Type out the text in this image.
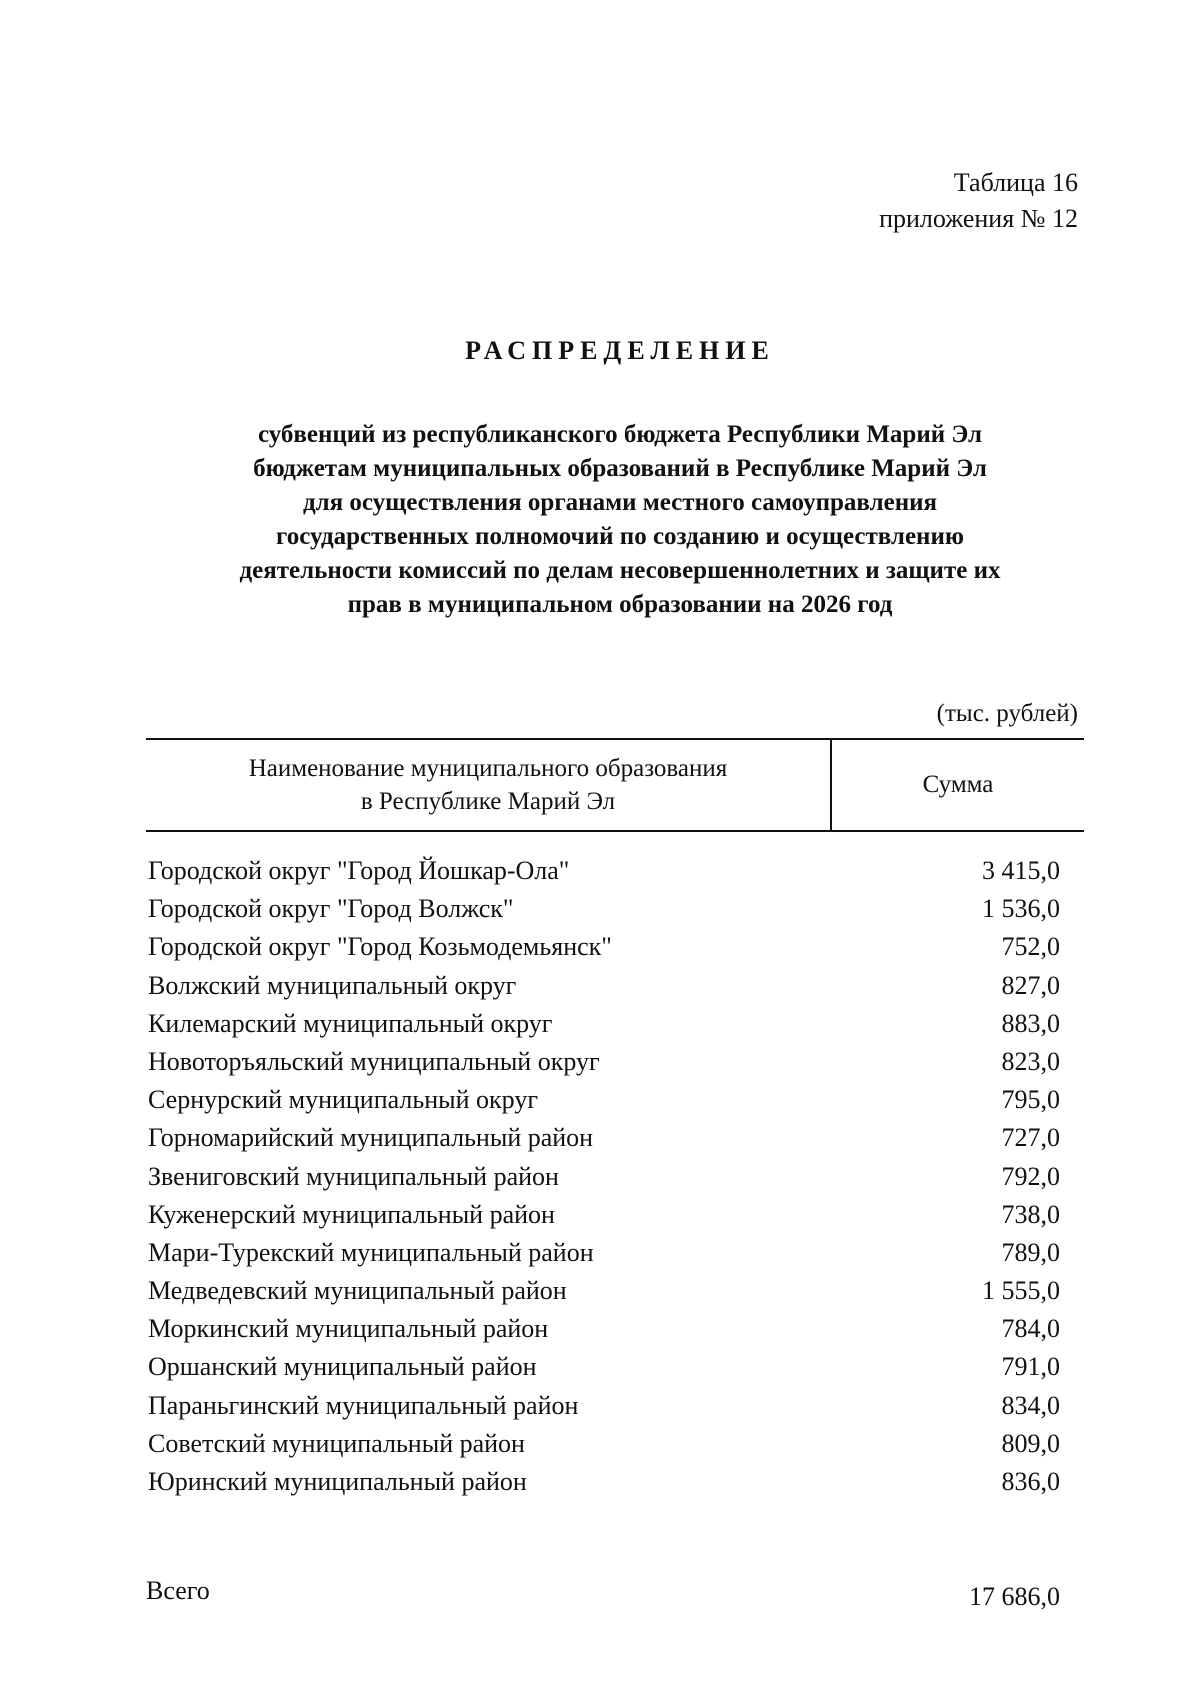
Таблица 16
приложения № 12
РАСПРЕДЕЛЕНИЕ
субвенций из республиканского бюджета Республики Марий Эл
бюджетам муниципальных образований в Республике Марий Эл
для осуществления органами местного самоуправления
государственных полномочий по созданию и осуществлению
деятельности комиссий по делам несовершеннолетних и защите их
прав в муниципальном образовании на 2026 год
(тыс. рублей)
Наименование муниципального образования
в Республике Марий Эл
Сумма
Городской округ "Город Йошкар-Ола"	3 415,0
Городской округ "Город Волжск"	1 536,0
Городской округ "Город Козьмодемьянск"	752,0
Волжский муниципальный округ	827,0
Килемарский муниципальный округ	883,0
Новоторъяльский муниципальный округ	823,0
Сернурский муниципальный округ	795,0
Горномарийский муниципальный район	727,0
Звениговский муниципальный район	792,0
Куженерский муниципальный район	738,0
Мари-Турекский муниципальный район	789,0
Медведевский муниципальный район	1 555,0
Моркинский муниципальный район	784,0
Оршанский муниципальный район	791,0
Параньгинский муниципальный район	834,0
Советский муниципальный район	809,0
Юринский муниципальный район	836,0
Всего	17 686,0
